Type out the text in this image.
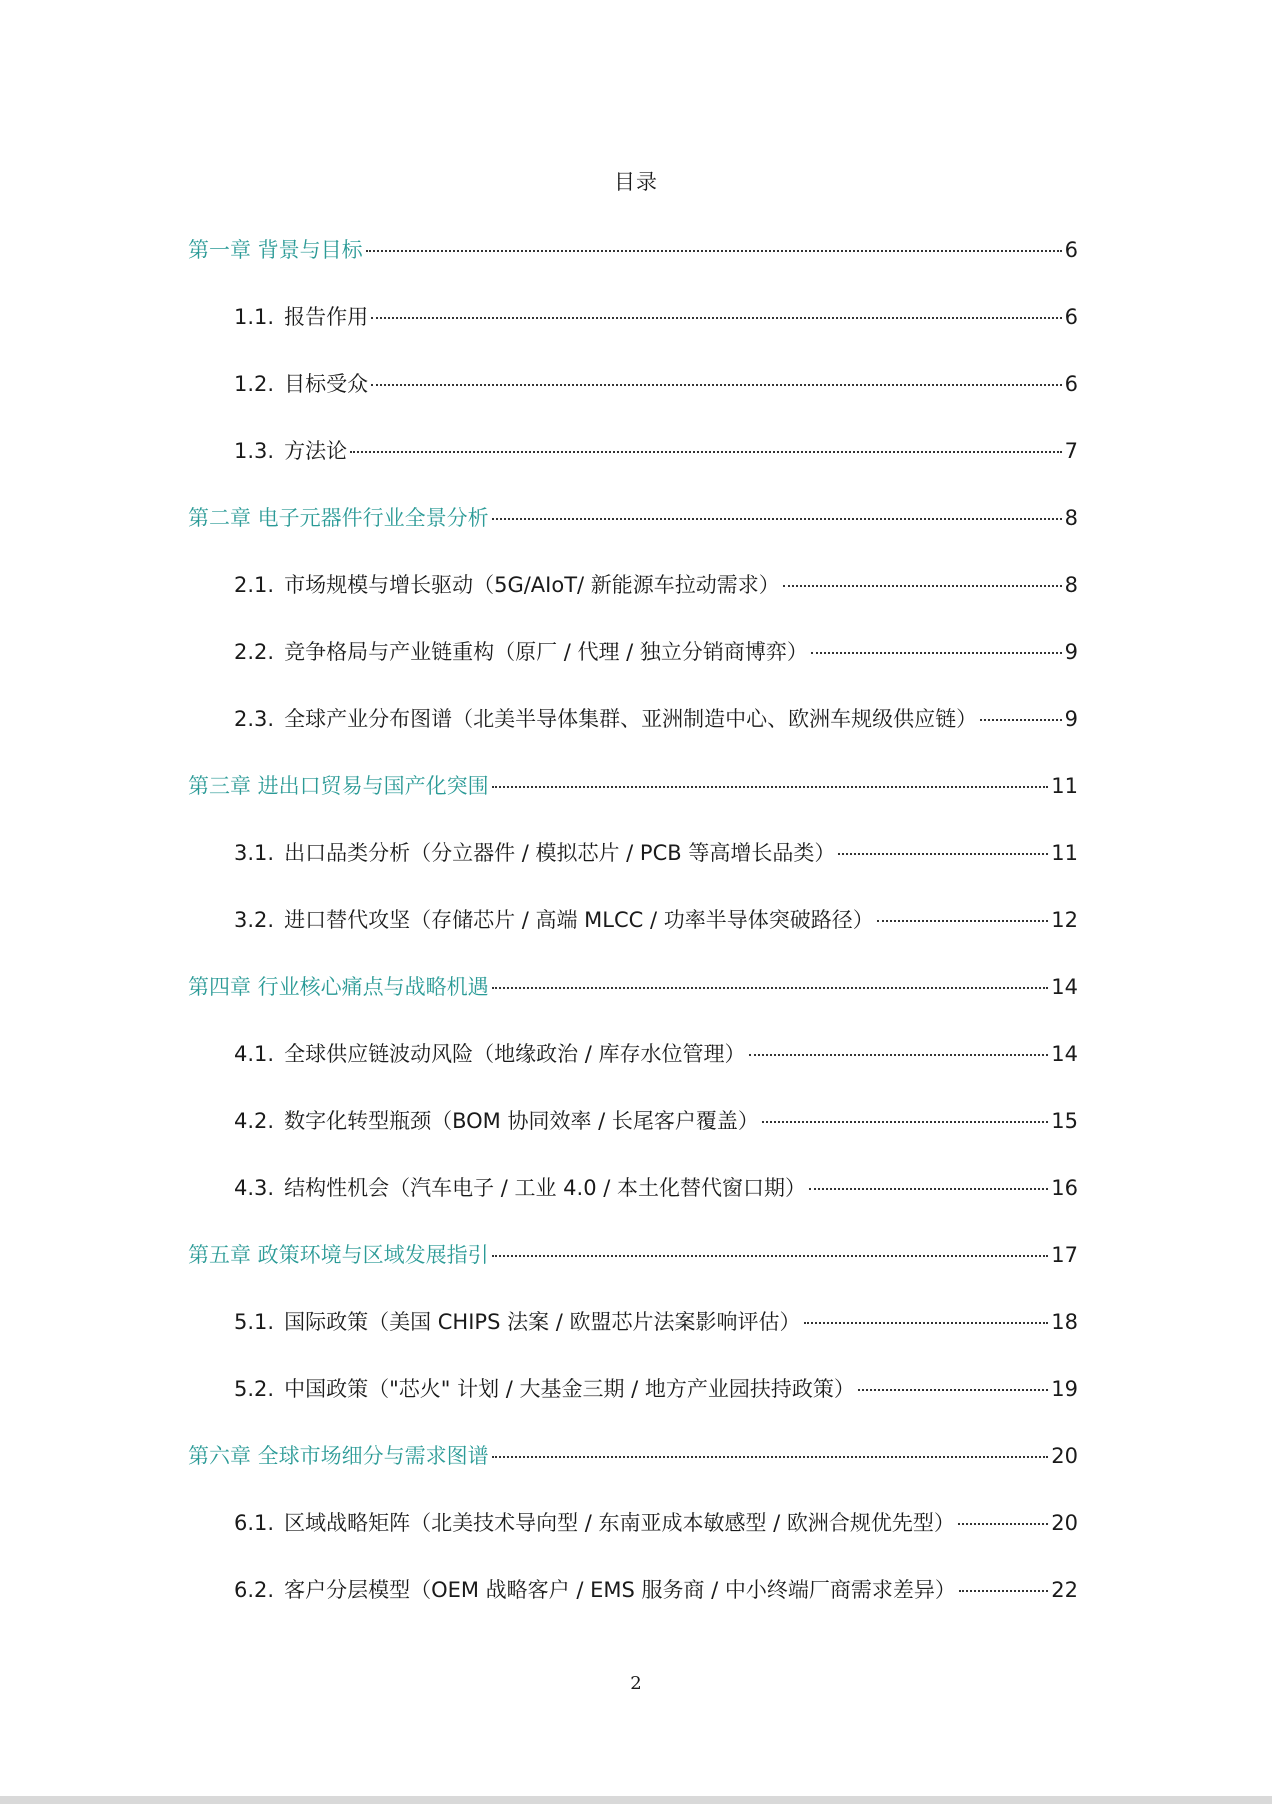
目录
第一章 背景与目标	6
1.1. 报告作用	6
1.2. 目标受众	6
1.3. 方法论	7
第二章 电子元器件行业全景分析	8
2.1. 市场规模与增长驱动（5G/AIoT/ 新能源车拉动需求）	8
2.2. 竞争格局与产业链重构（原厂 / 代理 / 独立分销商博弈）	9
2.3. 全球产业分布图谱（北美半导体集群、亚洲制造中心、欧洲车规级供应链）	9
第三章 进出口贸易与国产化突围	11
3.1. 出口品类分析（分立器件 / 模拟芯片 / PCB 等高增长品类）	11
3.2. 进口替代攻坚（存储芯片 / 高端 MLCC / 功率半导体突破路径）	12
第四章 行业核心痛点与战略机遇	14
4.1. 全球供应链波动风险（地缘政治 / 库存水位管理）	14
4.2. 数字化转型瓶颈（BOM 协同效率 / 长尾客户覆盖）	15
4.3. 结构性机会（汽车电子 / 工业 4.0 / 本土化替代窗口期）	16
第五章 政策环境与区域发展指引	17
5.1. 国际政策（美国 CHIPS 法案 / 欧盟芯片法案影响评估）	18
5.2. 中国政策（"芯火" 计划 / 大基金三期 / 地方产业园扶持政策）	19
第六章 全球市场细分与需求图谱	20
6.1. 区域战略矩阵（北美技术导向型 / 东南亚成本敏感型 / 欧洲合规优先型）	20
6.2. 客户分层模型（OEM 战略客户 / EMS 服务商 / 中小终端厂商需求差异）	22
2
